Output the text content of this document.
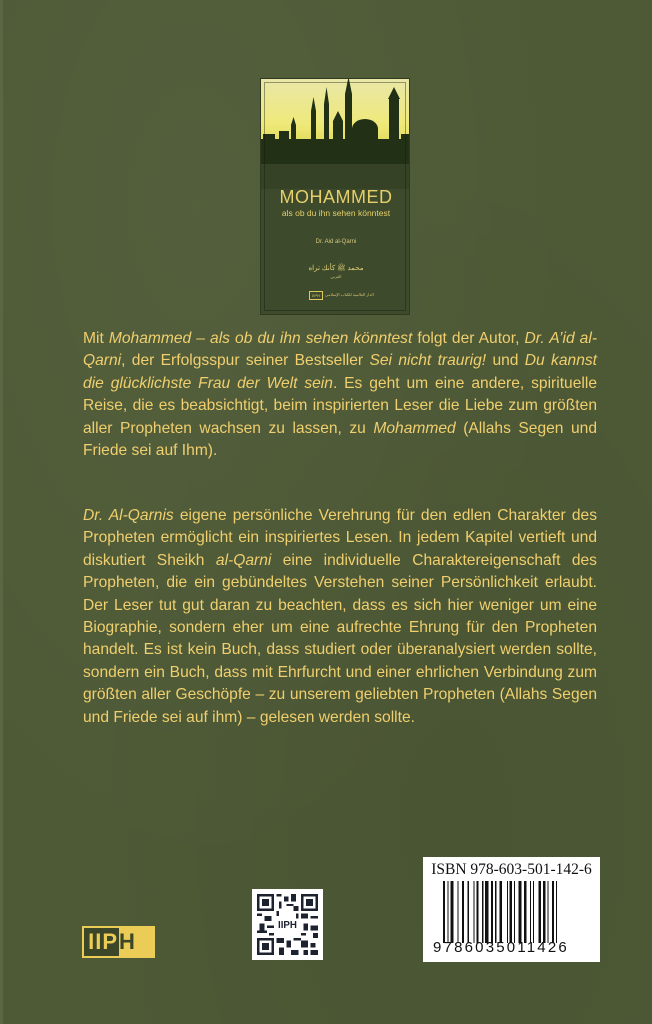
MOHAMMED
als ob du ihn sehen könntest
Dr. Aid al-Qarni
محمد ﷺ كأنك تراه
القرني
IIPH	الدار العالمية للكتاب الإسلامي
Mit Mohammed – als ob du ihn sehen könntest folgt der Autor, Dr. A’id al-Qarni, der Erfolgsspur seiner Bestseller Sei nicht traurig! und Du kannst die glücklichste Frau der Welt sein. Es geht um eine andere, spirituelle Reise, die es beabsichtigt, beim inspirierten Leser die Liebe zum größten aller Propheten wachsen zu lassen, zu Mohammed (Allahs Segen und Friede sei auf Ihm).
Dr. Al-Qarnis eigene persönliche Verehrung für den edlen Charakter des Propheten ermöglicht ein inspiriertes Lesen. In jedem Kapitel vertieft und diskutiert Sheikh al-Qarni eine individuelle Charaktereigenschaft des Propheten, die ein gebündeltes Verstehen seiner Persönlichkeit erlaubt. Der Leser tut gut daran zu beachten, dass es sich hier weniger um eine Biographie, sondern eher um eine aufrechte Ehrung für den Propheten handelt. Es ist kein Buch, dass studiert oder überanalysiert werden sollte, sondern ein Buch, dass mit Ehrfurcht und einer ehrlichen Verbindung zum größten aller Geschöpfe – zu unserem geliebten Propheten (Allahs Segen und Friede sei auf ihm) – gelesen werden sollte.
IIP H
IIPH
ISBN 978-603-501-142-6
9786035011426
